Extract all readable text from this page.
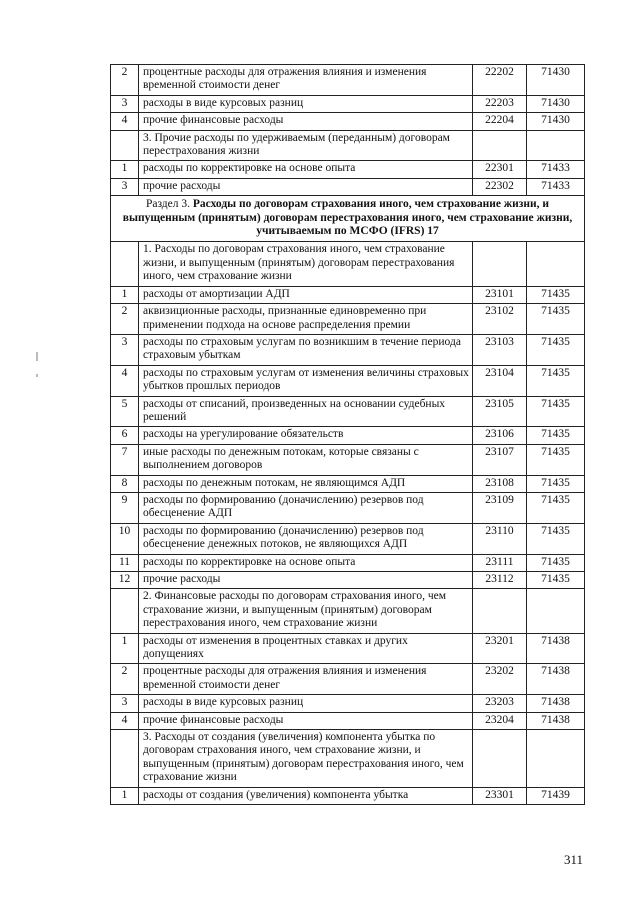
2	процентные расходы для отражения влияния и изменения временной стоимости денег	22202	71430
3	расходы в виде курсовых разниц	22203	71430
4	прочие финансовые расходы	22204	71430
	3. Прочие расходы по удерживаемым (переданным) договорам перестрахования жизни		
1	расходы по корректировке на основе опыта	22301	71433
3	прочие расходы	22302	71433
Раздел 3. Расходы по договорам страхования иного, чем страхование жизни, и выпущенным (принятым) договорам перестрахования иного, чем страхование жизни, учитываемым по МСФО (IFRS) 17			
	1. Расходы по договорам страхования иного, чем страхование жизни, и выпущенным (принятым) договорам перестрахования иного, чем страхование жизни		
1	расходы от амортизации АДП	23101	71435
2	аквизиционные расходы, признанные единовременно при применении подхода на основе распределения премии	23102	71435
3	расходы по страховым услугам по возникшим в течение периода страховым убыткам	23103	71435
4	расходы по страховым услугам от изменения величины страховых убытков прошлых периодов	23104	71435
5	расходы от списаний, произведенных на основании судебных решений	23105	71435
6	расходы на урегулирование обязательств	23106	71435
7	иные расходы по денежным потокам, которые связаны с выполнением договоров	23107	71435
8	расходы по денежным потокам, не являющимся АДП	23108	71435
9	расходы по формированию (доначислению) резервов под обесценение АДП	23109	71435
10	расходы по формированию (доначислению) резервов под обесценение денежных потоков, не являющихся АДП	23110	71435
11	расходы по корректировке на основе опыта	23111	71435
12	прочие расходы	23112	71435
	2. Финансовые расходы по договорам страхования иного, чем страхование жизни, и выпущенным (принятым) договорам перестрахования иного, чем страхование жизни		
1	расходы от изменения в процентных ставках и других допущениях	23201	71438
2	процентные расходы для отражения влияния и изменения временной стоимости денег	23202	71438
3	расходы в виде курсовых разниц	23203	71438
4	прочие финансовые расходы	23204	71438
	3. Расходы от создания (увеличения) компонента убытка по договорам страхования иного, чем страхование жизни, и выпущенным (принятым) договорам перестрахования иного, чем страхование жизни		
1	расходы от создания (увеличения) компонента убытка	23301	71439
311
